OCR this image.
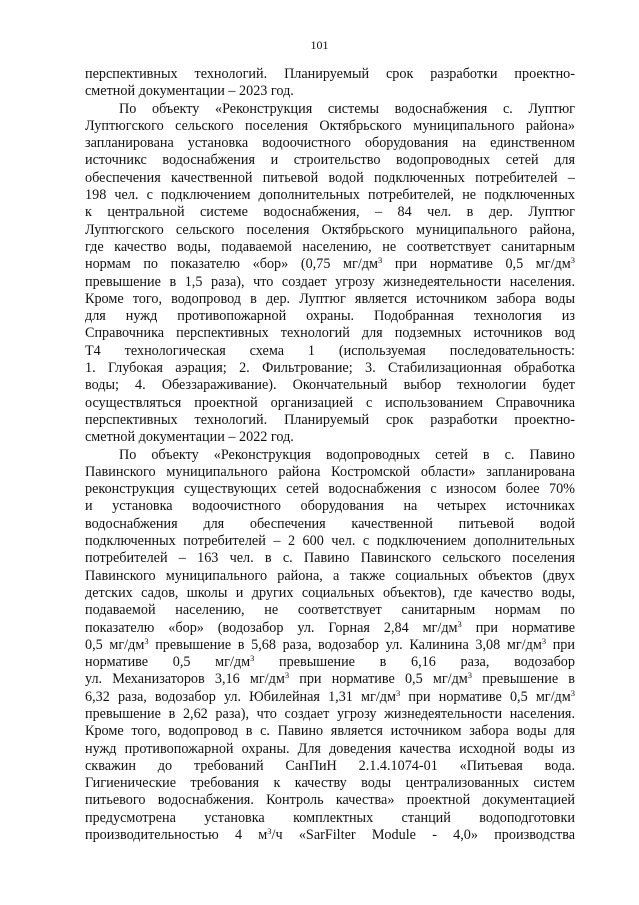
101
перспективных технологий. Планируемый срок разработки проектно-
сметной документации – 2023 год.
По объекту «Реконструкция системы водоснабжения с. Луптюг
Луптюгского сельского поселения Октябрьского муниципального района»
запланирована установка водоочистного оборудования на единственном
источникс водоснабжения и строительство водопроводных сетей для
обеспечения качественной питьевой водой подключенных потребителей –
198 чел. с подключением дополнительных потребителей, не подключенных
к центральной системе водоснабжения, – 84 чел. в дер. Луптюг
Луптюгского сельского поселения Октябрьского муниципального района,
где качество воды, подаваемой населению, не соответствует санитарным
нормам по показателю «бор» (0,75 $мг/дм^3$ при нормативе 0,5 $мг/дм^3$
превышение в 1,5 раза), что создает угрозу жизнедеятельности населения.
Кроме того, водопровод в дер. Луптюг является источником забора воды
для нужд противопожарной охраны. Подобранная технология из
Справочника перспективных технологий для подземных источников вод
Т4 технологическая схема 1 (используемая последовательность:
1. Глубокая аэрация; 2. Фильтрование; 3. Стабилизационная обработка
воды; 4. Обеззараживание). Окончательный выбор технологии будет
осуществляться проектной организацией с использованием Справочника
перспективных технологий. Планируемый срок разработки проектно-
сметной документации – 2022 год.
По объекту «Реконструкция водопроводных сетей в с. Павино
Павинского муниципального района Костромской области» запланирована
реконструкция существующих сетей водоснабжения с износом более 70%
и установка водоочистного оборудования на четырех источниках
водоснабжения для обеспечения качественной питьевой водой
подключенных потребителей – 2 600 чел. с подключением дополнительных
потребителей – 163 чел. в с. Павино Павинского сельского поселения
Павинского муниципального района, а также социальных объектов (двух
детских садов, школы и других социальных объектов), где качество воды,
подаваемой населению, не соответствует санитарным нормам по
показателю «бор» (водозабор ул. Горная 2,84 $мг/дм^3$ при нормативе
0,5 $мг/дм^3$ превышение в 5,68 раза, водозабор ул. Калинина 3,08 $мг/дм^3$ при
нормативе 0,5 $мг/дм^3$ превышение в 6,16 раза, водозабор
ул. Механизаторов 3,16 $мг/дм^3$ при нормативе 0,5 $мг/дм^3$ превышение в
6,32 раза, водозабор ул. Юбилейная 1,31 $мг/дм^3$ при нормативе 0,5 $мг/дм^3$
превышение в 2,62 раза), что создает угрозу жизнедеятельности населения.
Кроме того, водопровод в с. Павино является источником забора воды для
нужд противопожарной охраны. Для доведения качества исходной воды из
скважин до требований СанПиН 2.1.4.1074-01 «Питьевая вода.
Гигиенические требования к качеству воды централизованных систем
питьевого водоснабжения. Контроль качества» проектной документацией
предусмотрена установка комплектных станций водоподготовки
производительностью 4 $м^3/ч$ «SarFilter Module - 4,0» производства
